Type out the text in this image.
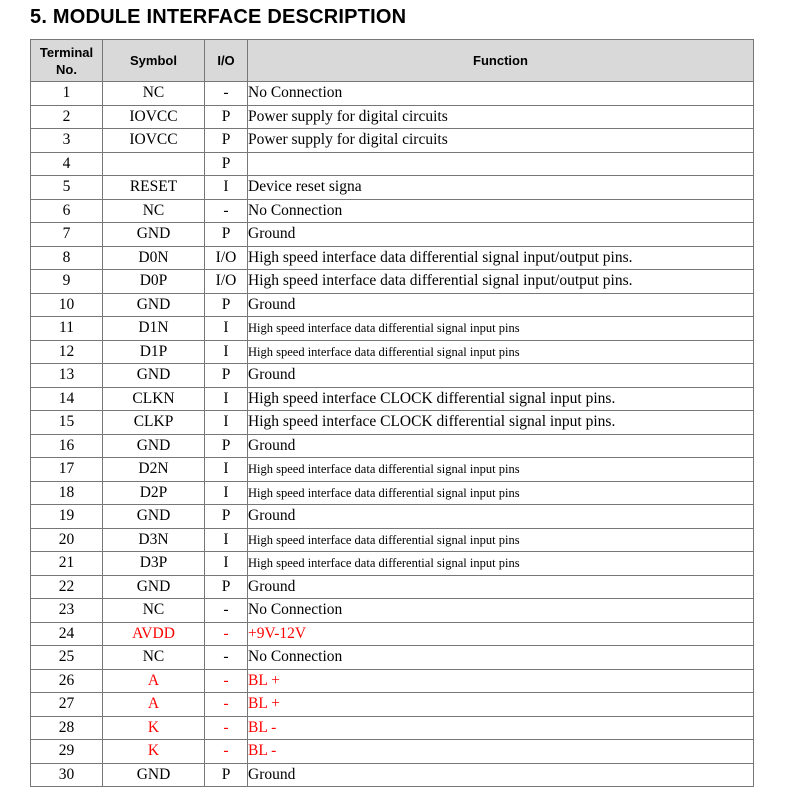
5. MODULE INTERFACE DESCRIPTION
Terminal No.	Symbol	I/O	Function
1	NC	-	No Connection
2	IOVCC	P	Power supply for digital circuits
3	IOVCC	P	Power supply for digital circuits
4		P	
5	RESET	I	Device reset signa
6	NC	-	No Connection
7	GND	P	Ground
8	D0N	I/O	High speed interface data differential signal input/output pins.
9	D0P	I/O	High speed interface data differential signal input/output pins.
10	GND	P	Ground
11	D1N	I	High speed interface data differential signal input pins
12	D1P	I	High speed interface data differential signal input pins
13	GND	P	Ground
14	CLKN	I	High speed interface CLOCK differential signal input pins.
15	CLKP	I	High speed interface CLOCK differential signal input pins.
16	GND	P	Ground
17	D2N	I	High speed interface data differential signal input pins
18	D2P	I	High speed interface data differential signal input pins
19	GND	P	Ground
20	D3N	I	High speed interface data differential signal input pins
21	D3P	I	High speed interface data differential signal input pins
22	GND	P	Ground
23	NC	-	No Connection
24	AVDD	-	+9V-12V
25	NC	-	No Connection
26	A	-	BL +
27	A	-	BL +
28	K	-	BL -
29	K	-	BL -
30	GND	P	Ground
